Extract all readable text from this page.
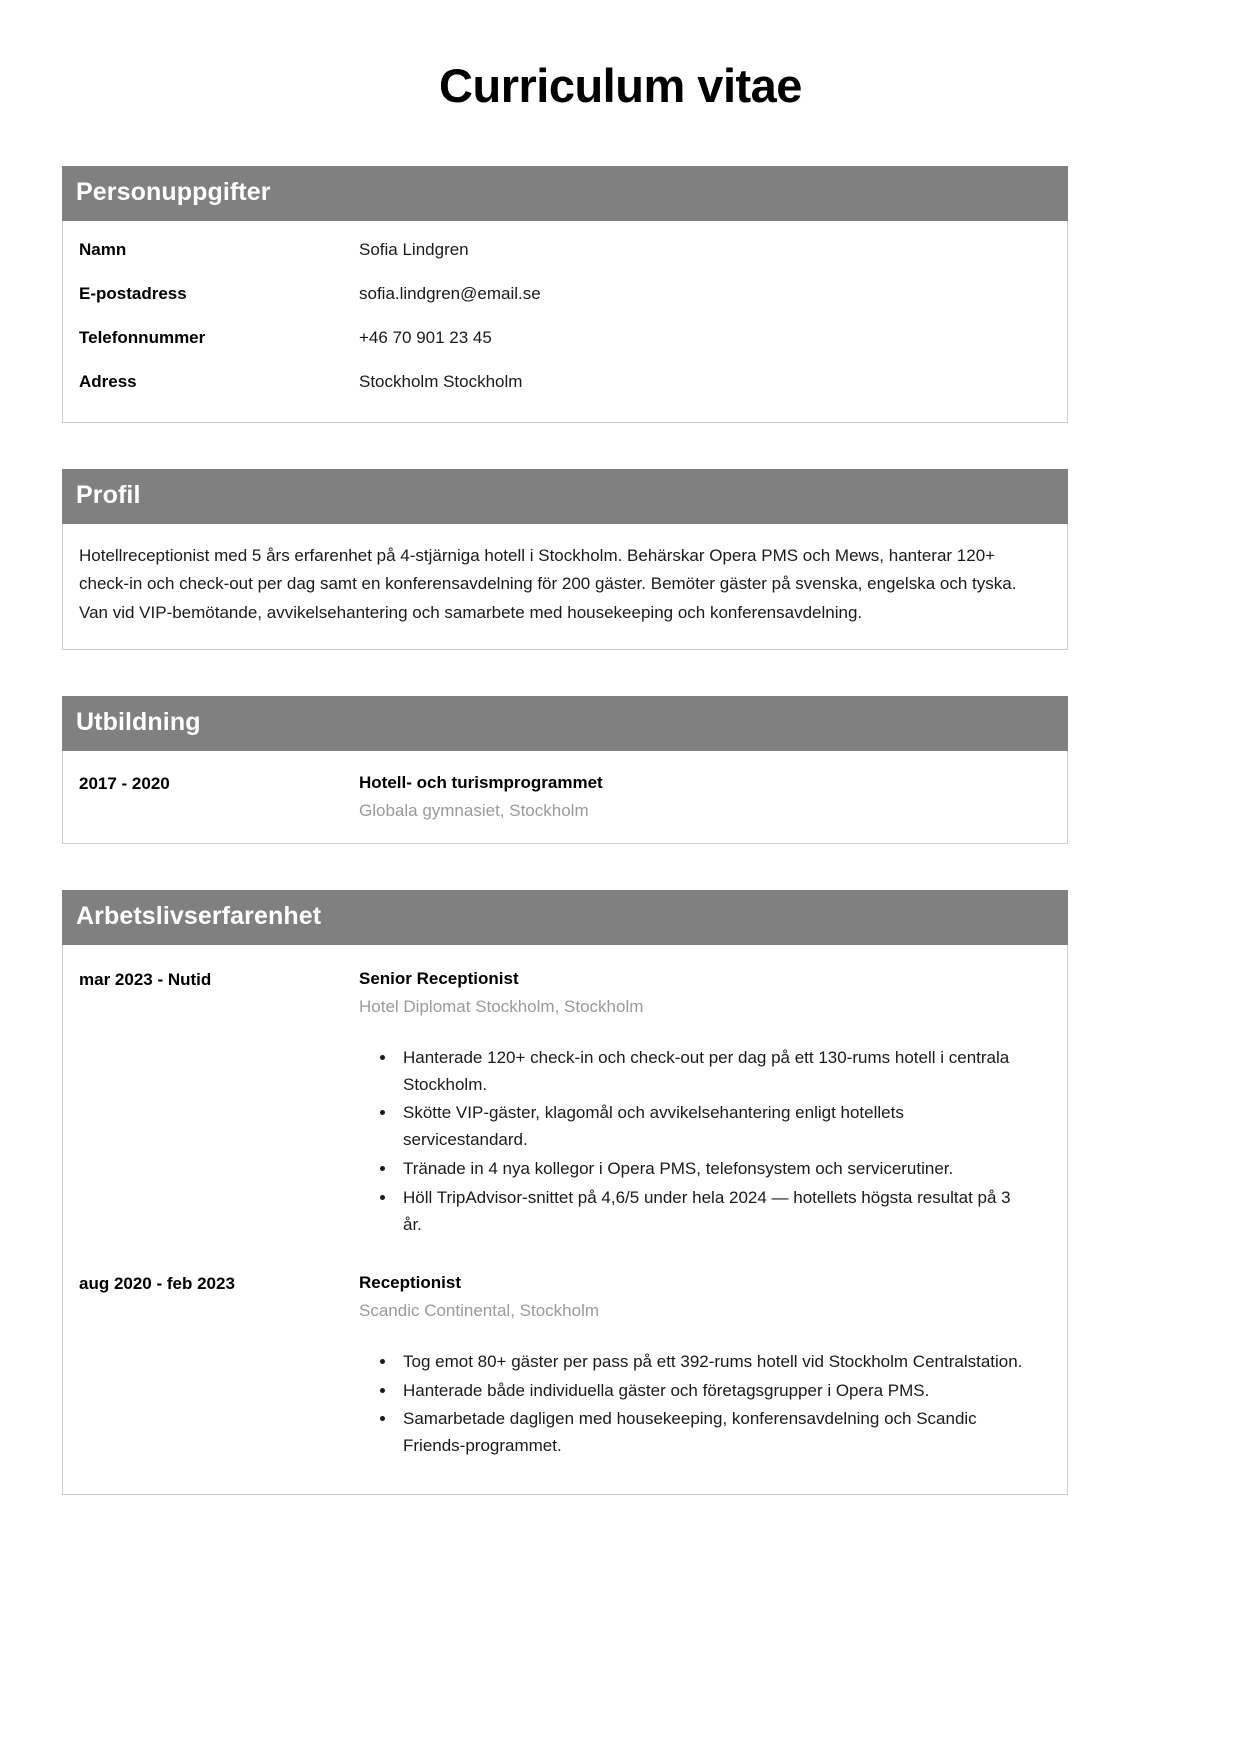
Curriculum vitae
Personuppgifter
Namn	Sofia Lindgren
E-postadress	sofia.lindgren@email.se
Telefonnummer	+46 70 901 23 45
Adress	Stockholm Stockholm
Profil

Hotellreceptionist med 5 års erfarenhet på 4-stjärniga hotell i Stockholm. Behärskar Opera PMS och Mews, hanterar 120+ check-in och check-out per dag samt en konferensavdelning för 200 gäster. Bemöter gäster på svenska, engelska och tyska. Van vid VIP-bemötande, avvikelsehantering och samarbete med housekeeping och konferensavdelning.

Utbildning
2017 - 2020	Hotell- och turismprogrammet
Globala gymnasiet, Stockholm
Arbetslivserfarenhet
mar 2023 - Nutid	Senior Receptionist
Hotel Diplomat Stockholm, Stockholm
• Hanterade 120+ check-in och check-out per dag på ett 130-rums hotell i centrala Stockholm.
• Skötte VIP-gäster, klagomål och avvikelsehantering enligt hotellets servicestandard.
• Tränade in 4 nya kollegor i Opera PMS, telefonsystem och servicerutiner.
• Höll TripAdvisor-snittet på 4,6/5 under hela 2024 — hotellets högsta resultat på 3 år.
aug 2020 - feb 2023	Receptionist
Scandic Continental, Stockholm
• Tog emot 80+ gäster per pass på ett 392-rums hotell vid Stockholm Centralstation.
• Hanterade både individuella gäster och företagsgrupper i Opera PMS.
• Samarbetade dagligen med housekeeping, konferensavdelning och Scandic Friends-programmet.
